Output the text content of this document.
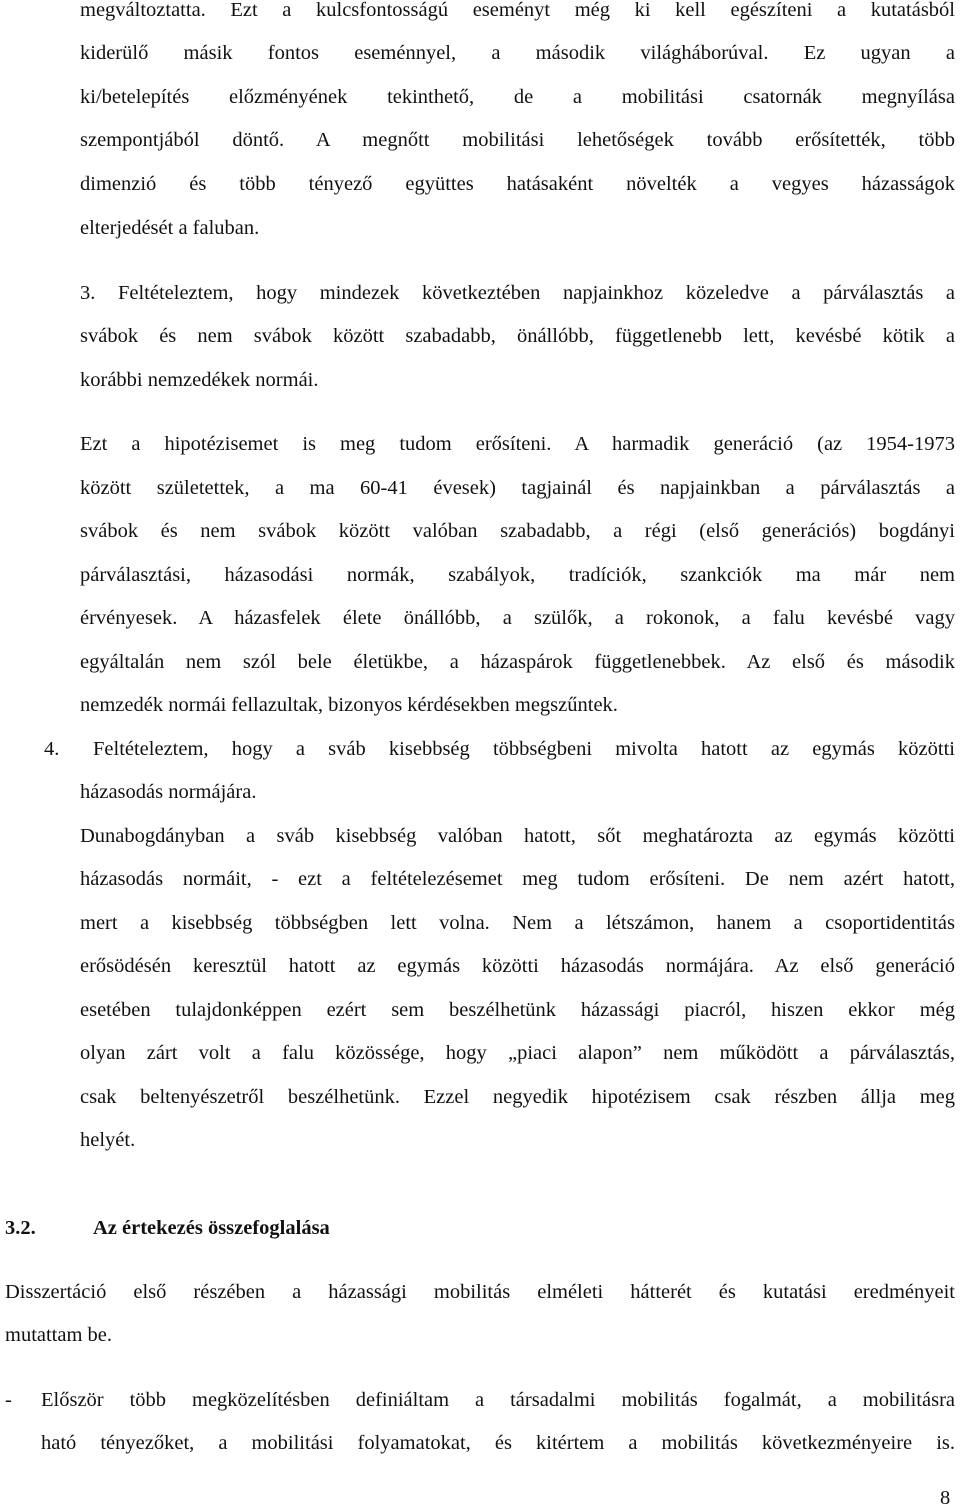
megváltoztatta. Ezt a kulcsfontosságú eseményt még ki kell egészíteni a kutatásból
kiderülő másik fontos eseménnyel, a második világháborúval. Ez ugyan a
ki/betelepítés előzményének tekinthető, de a mobilitási csatornák megnyílása
szempontjából döntő. A megnőtt mobilitási lehetőségek tovább erősítették, több
dimenzió és több tényező együttes hatásaként növelték a vegyes házasságok
elterjedését a faluban.
3. Feltételeztem, hogy mindezek következtében napjainkhoz közeledve a párválasztás a
svábok és nem svábok között szabadabb, önállóbb, függetlenebb lett, kevésbé kötik a
korábbi nemzedékek normái.
Ezt a hipotézisemet is meg tudom erősíteni. A harmadik generáció (az 1954-1973
között születettek, a ma 60-41 évesek) tagjainál és napjainkban a párválasztás a
svábok és nem svábok között valóban szabadabb, a régi (első generációs) bogdányi
párválasztási, házasodási normák, szabályok, tradíciók, szankciók ma már nem
érvényesek. A házasfelek élete önállóbb, a szülők, a rokonok, a falu kevésbé vagy
egyáltalán nem szól bele életükbe, a házaspárok függetlenebbek. Az első és második
nemzedék normái fellazultak, bizonyos kérdésekben megszűntek.
4. Feltételeztem, hogy a sváb kisebbség többségbeni mivolta hatott az egymás közötti
házasodás normájára.
Dunabogdányban a sváb kisebbség valóban hatott, sőt meghatározta az egymás közötti
házasodás normáit, - ezt a feltételezésemet meg tudom erősíteni. De nem azért hatott,
mert a kisebbség többségben lett volna. Nem a létszámon, hanem a csoportidentitás
erősödésén keresztül hatott az egymás közötti házasodás normájára. Az első generáció
esetében tulajdonképpen ezért sem beszélhetünk házassági piacról, hiszen ekkor még
olyan zárt volt a falu közössége, hogy „piaci alapon” nem működött a párválasztás,
csak beltenyészetről beszélhetünk. Ezzel negyedik hipotézisem csak részben állja meg
helyét.
3.2.	Az értekezés összefoglalása
Disszertáció első részében a házassági mobilitás elméleti hátterét és kutatási eredményeit
mutattam be.
- Először több megközelítésben definiáltam a társadalmi mobilitás fogalmát, a mobilitásra
ható tényezőket, a mobilitási folyamatokat, és kitértem a mobilitás következményeire is.
8
